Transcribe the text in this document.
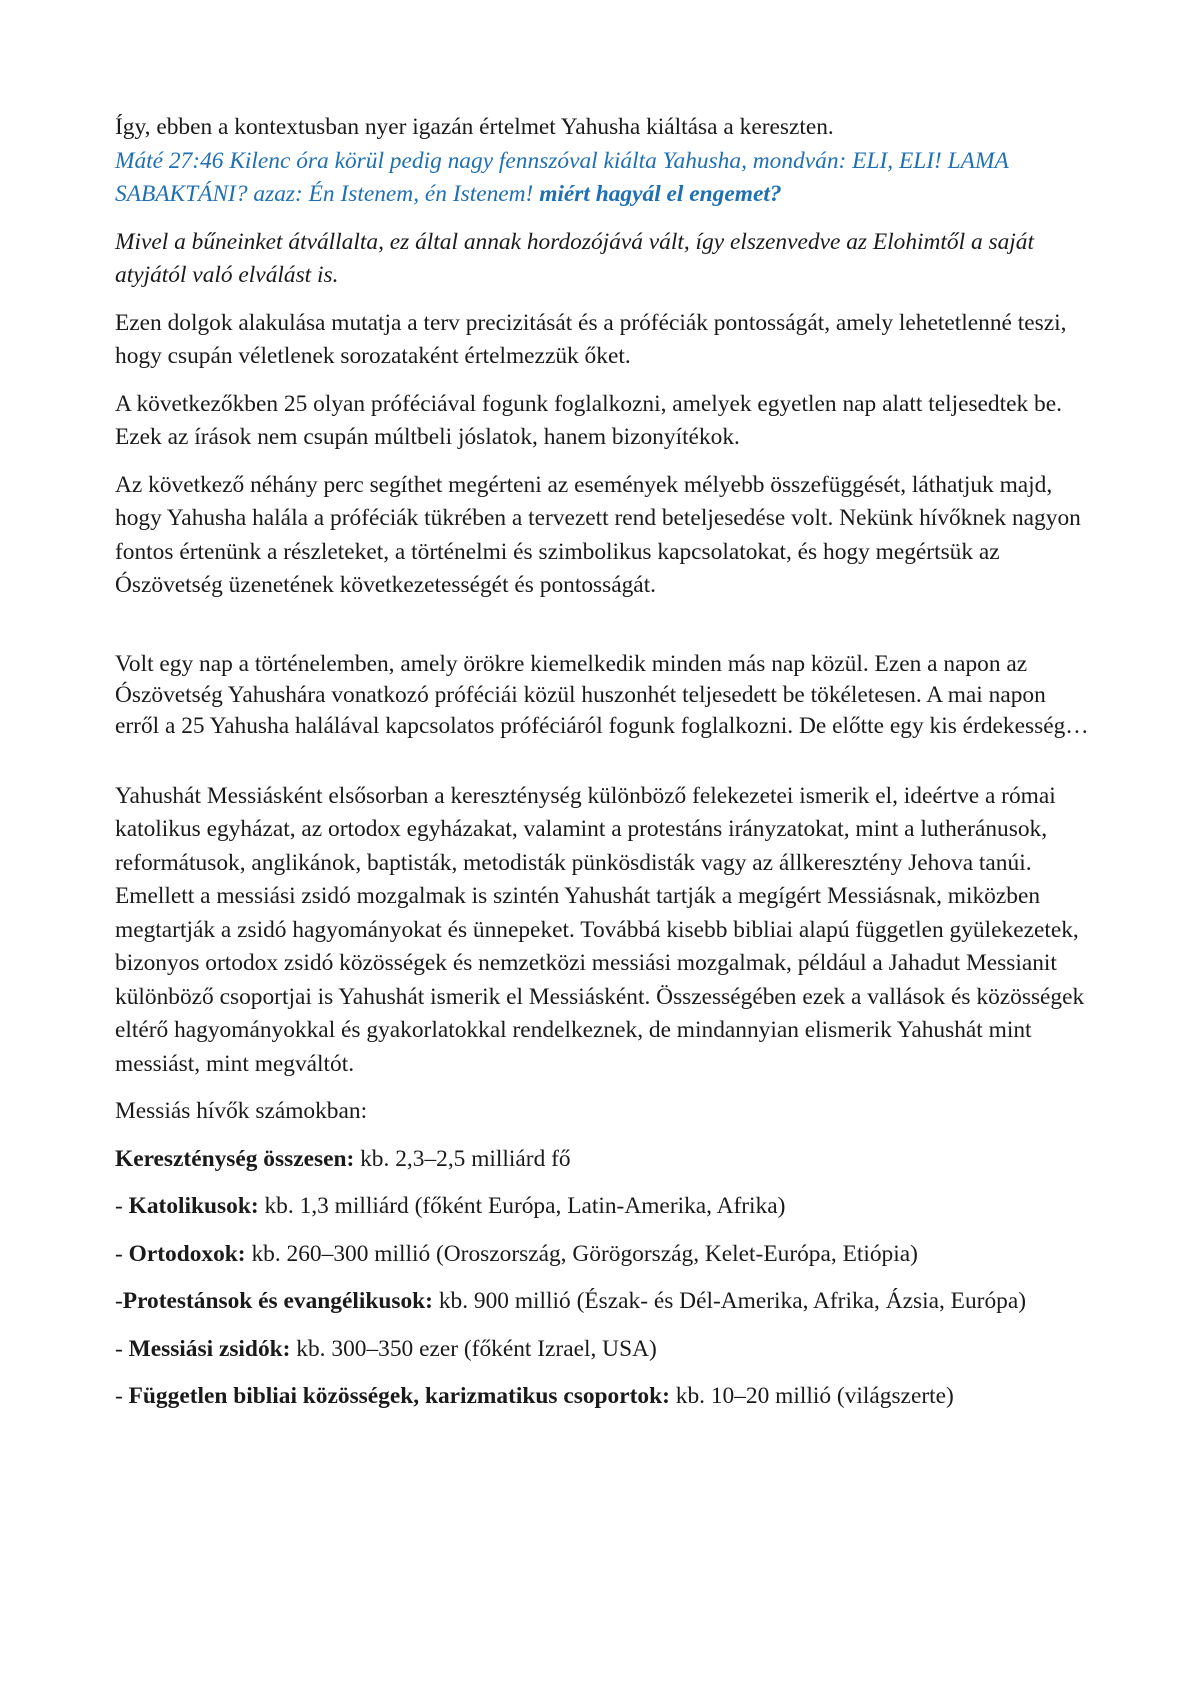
Így, ebben a kontextusban nyer igazán értelmet Yahusha kiáltása a kereszten.

Máté 27:46 Kilenc óra körül pedig nagy fennszóval kiálta Yahusha, mondván: ELI, ELI! LAMA SABAKTÁNI? azaz: Én Istenem, én Istenem! miért hagyál el engemet?

Mivel a bűneinket átvállalta, ez által annak hordozójává vált, így elszenvedve az Elohimtől a saját atyjától való elválást is.

Ezen dolgok alakulása mutatja a terv precizitását és a próféciák pontosságát, amely lehetetlenné teszi, hogy csupán véletlenek sorozataként értelmezzük őket.

A következőkben 25 olyan próféciával fogunk foglalkozni, amelyek egyetlen nap alatt teljesedtek be. Ezek az írások nem csupán múltbeli jóslatok, hanem bizonyítékok.

Az következő néhány perc segíthet megérteni az események mélyebb összefüggését, láthatjuk majd, hogy Yahusha halála a próféciák tükrében a tervezett rend beteljesedése volt. Nekünk hívőknek nagyon fontos értenünk a részleteket, a történelmi és szimbolikus kapcsolatokat, és hogy megértsük az Ószövetség üzenetének következetességét és pontosságát.

Volt egy nap a történelemben, amely örökre kiemelkedik minden más nap közül. Ezen a napon az Ószövetség Yahushára vonatkozó próféciái közül huszonhét teljesedett be tökéletesen. A mai napon erről a 25 Yahusha halálával kapcsolatos próféciáról fogunk foglalkozni. De előtte egy kis érdekesség…

Yahushát Messiásként elsősorban a kereszténység különböző felekezetei ismerik el, ideértve a római katolikus egyházat, az ortodox egyházakat, valamint a protestáns irányzatokat, mint a lutheránusok, reformátusok, anglikánok, baptisták, metodisták pünkösdisták vagy az állkeresztény Jehova tanúi. Emellett a messiási zsidó mozgalmak is szintén Yahushát tartják a megígért Messiásnak, miközben megtartják a zsidó hagyományokat és ünnepeket. Továbbá kisebb bibliai alapú független gyülekezetek, bizonyos ortodox zsidó közösségek és nemzetközi messiási mozgalmak, például a Jahadut Messianit különböző csoportjai is Yahushát ismerik el Messiásként. Összességében ezek a vallások és közösségek eltérő hagyományokkal és gyakorlatokkal rendelkeznek, de mindannyian elismerik Yahushát mint messiást, mint megváltót.

Messiás hívők számokban:

Kereszténység összesen: kb. 2,3–2,5 milliárd fő

- Katolikusok: kb. 1,3 milliárd (főként Európa, Latin-Amerika, Afrika)

- Ortodoxok: kb. 260–300 millió (Oroszország, Görögország, Kelet-Európa, Etiópia)

-Protestánsok és evangélikusok: kb. 900 millió (Észak- és Dél-Amerika, Afrika, Ázsia, Európa)

- Messiási zsidók: kb. 300–350 ezer (főként Izrael, USA)

- Független bibliai közösségek, karizmatikus csoportok: kb. 10–20 millió (világszerte)
